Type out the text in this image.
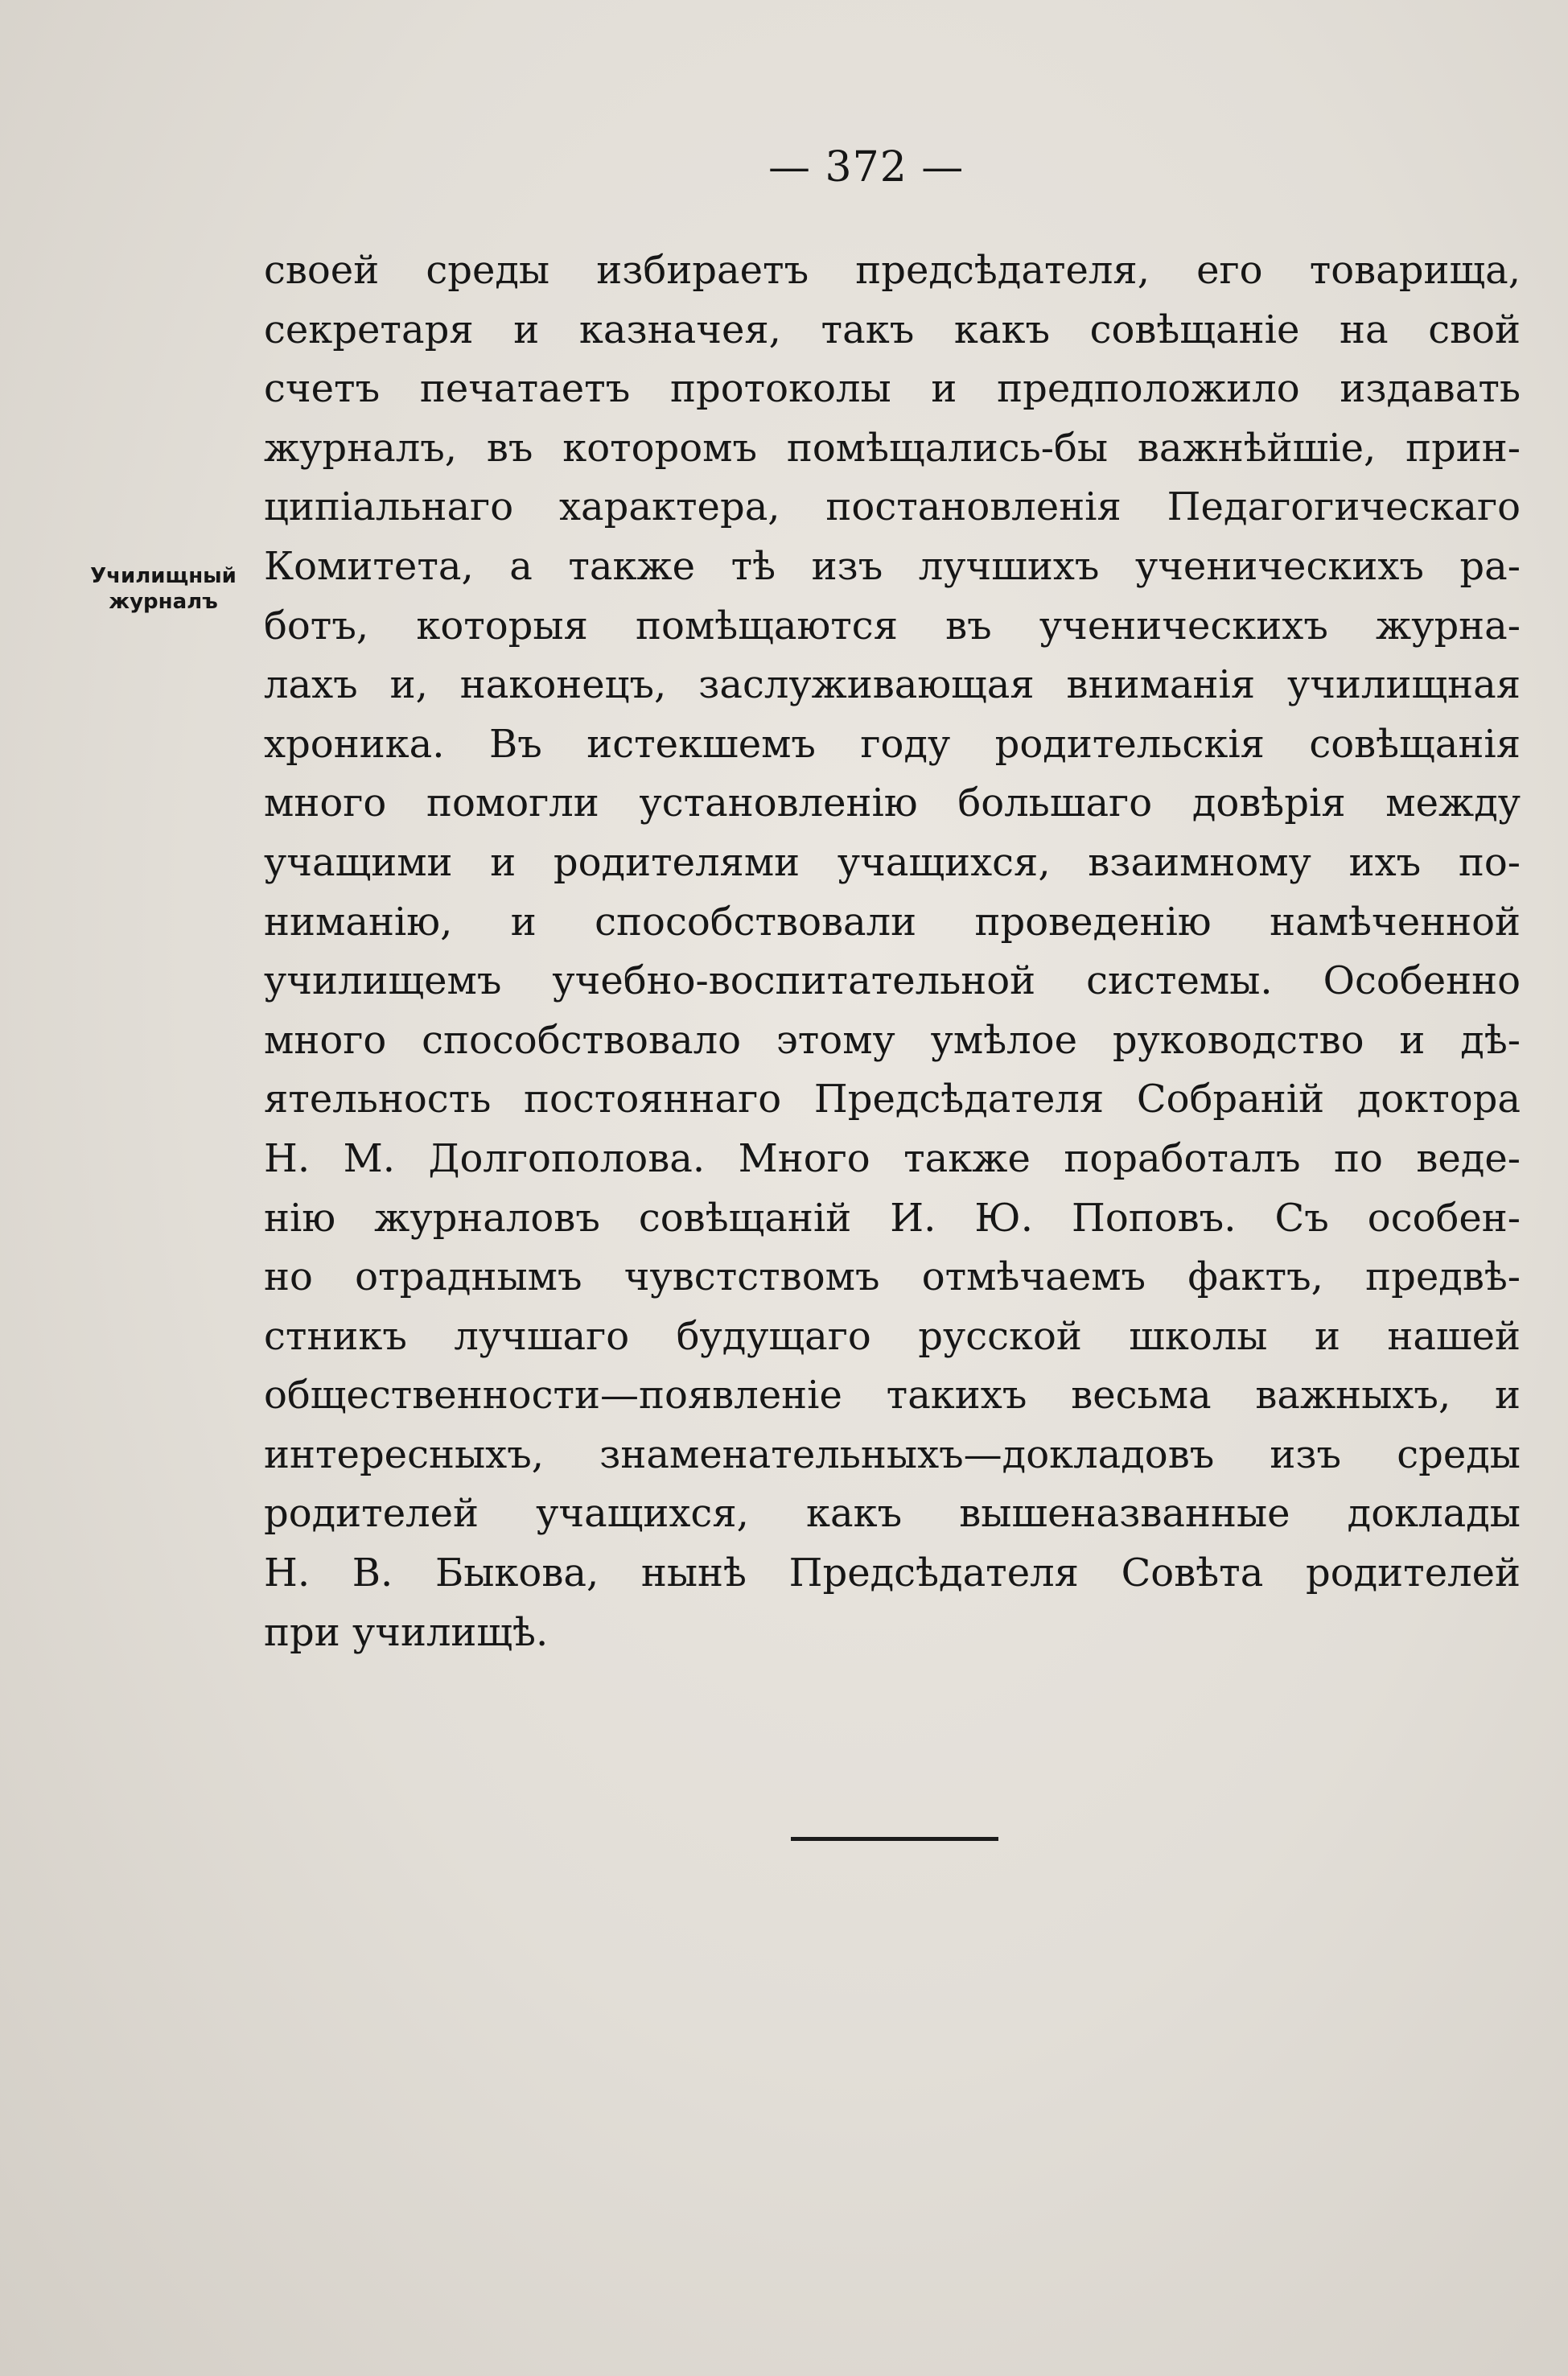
— 372 —
Училищный
журналъ
своей среды избираетъ предсѣдателя, его товарища,
секретаря и казначея, такъ какъ совѣщаніе на свой
счетъ печатаетъ протоколы и предположило издавать
журналъ, въ которомъ помѣщались-бы важнѣйшіе, прин-
ципіальнаго характера, постановленія Педагогическаго
Комитета, а также тѣ изъ лучшихъ ученическихъ ра-
ботъ, которыя помѣщаются въ ученическихъ журна-
лахъ и, наконецъ, заслуживающая вниманія училищная
хроника. Въ истекшемъ году родительскія совѣщанія
много помогли установленію большаго довѣрія между
учащими и родителями учащихся, взаимному ихъ по-
ниманію, и способствовали проведенію намѣченной
училищемъ учебно-воспитательной системы. Особенно
много способствовало этому умѣлое руководство и дѣ-
ятельность постояннаго Предсѣдателя Собраній доктора
Н. М. Долгополова. Много также поработалъ по веде-
нію журналовъ совѣщаній И. Ю. Поповъ. Съ особен-
но отраднымъ чувстствомъ отмѣчаемъ фактъ, предвѣ-
стникъ лучшаго будущаго русской школы и нашей
общественности—появленіе такихъ весьма важныхъ, и
интересныхъ, знаменательныхъ—докладовъ изъ среды
родителей учащихся, какъ вышеназванные доклады
Н. В. Быкова, нынѣ Предсѣдателя Совѣта родителей
при училищѣ.
